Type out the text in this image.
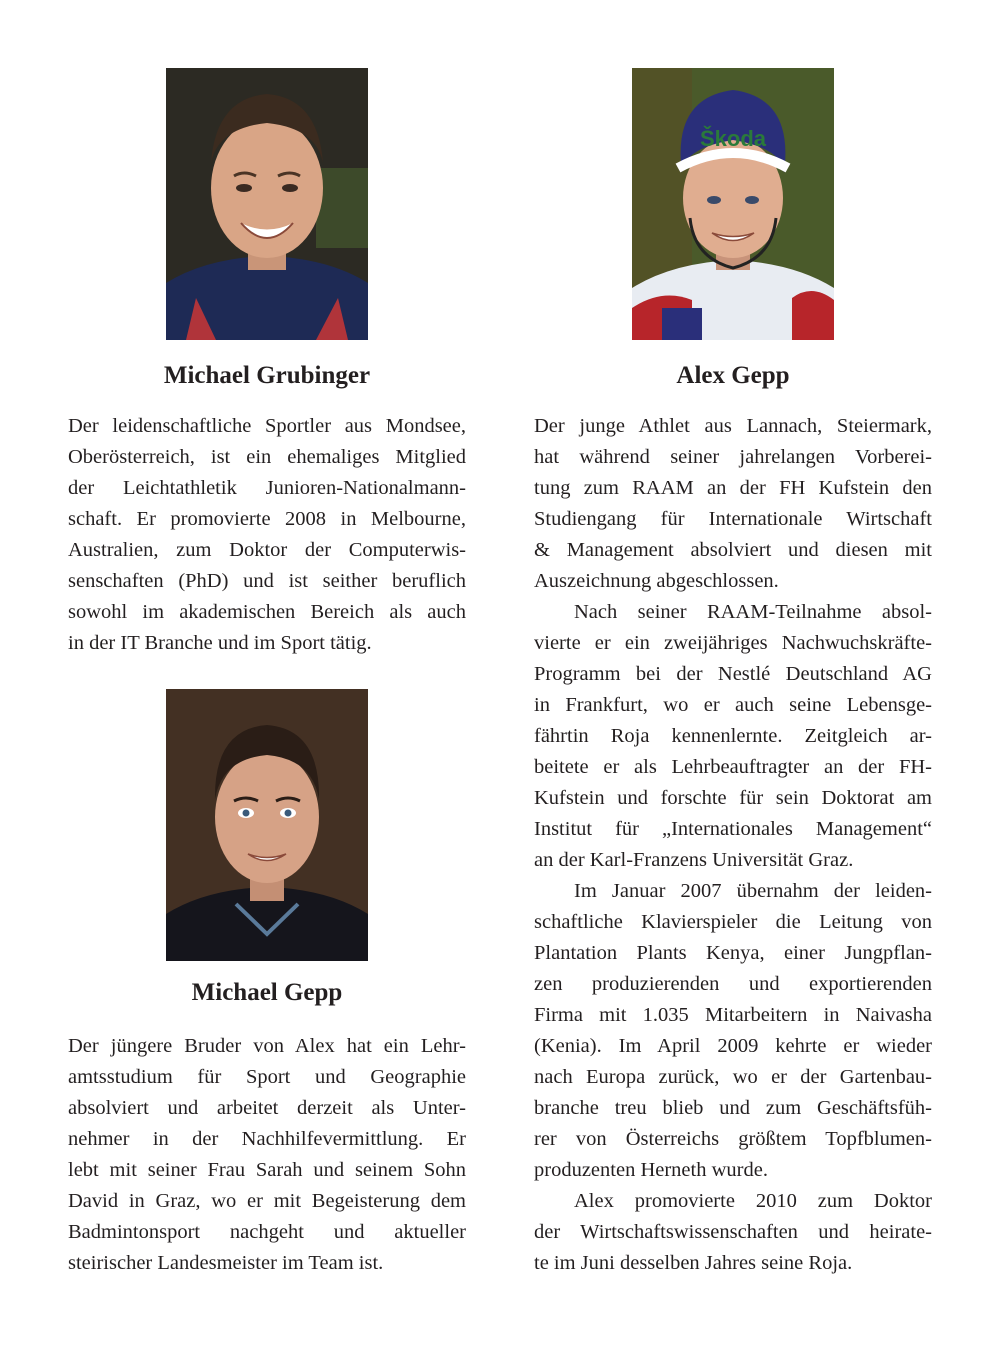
Michael Grubinger
Der leidenschaftliche Sportler aus Mondsee,
Oberösterreich, ist ein ehemaliges Mitglied
der Leichtathletik Junioren-Nationalmann-
schaft. Er promovierte 2008 in Melbourne,
Australien, zum Doktor der Computerwis-
senschaften (PhD) und ist seither beruflich
sowohl im akademischen Bereich als auch
in der IT Branche und im Sport tätig.
Michael Gepp
Der jüngere Bruder von Alex hat ein Lehr-
amtsstudium für Sport und Geographie
absolviert und arbeitet derzeit als Unter-
nehmer in der Nachhilfevermittlung. Er
lebt mit seiner Frau Sarah und seinem Sohn
David in Graz, wo er mit Begeisterung dem
Badmintonsport nachgeht und aktueller
steirischer Landesmeister im Team ist.
Škoda
Alex Gepp
Der junge Athlet aus Lannach, Steiermark,
hat während seiner jahrelangen Vorberei-
tung zum RAAM an der FH Kufstein den
Studiengang für Internationale Wirtschaft
& Management absolviert und diesen mit
Auszeichnung abgeschlossen.
Nach seiner RAAM-Teilnahme absol-
vierte er ein zweijähriges Nachwuchskräfte-
Programm bei der Nestlé Deutschland AG
in Frankfurt, wo er auch seine Lebensge-
fährtin Roja kennenlernte. Zeitgleich ar-
beitete er als Lehrbeauftragter an der FH-
Kufstein und forschte für sein Doktorat am
Institut für „Internationales Management“
an der Karl-Franzens Universität Graz.
Im Januar 2007 übernahm der leiden-
schaftliche Klavierspieler die Leitung von
Plantation Plants Kenya, einer Jungpflan-
zen produzierenden und exportierenden
Firma mit 1.035 Mitarbeitern in Naivasha
(Kenia). Im April 2009 kehrte er wieder
nach Europa zurück, wo er der Gartenbau-
branche treu blieb und zum Geschäftsfüh-
rer von Österreichs größtem Topfblumen-
produzenten Herneth wurde.
Alex promovierte 2010 zum Doktor
der Wirtschaftswissenschaften und heirate-
te im Juni desselben Jahres seine Roja.
